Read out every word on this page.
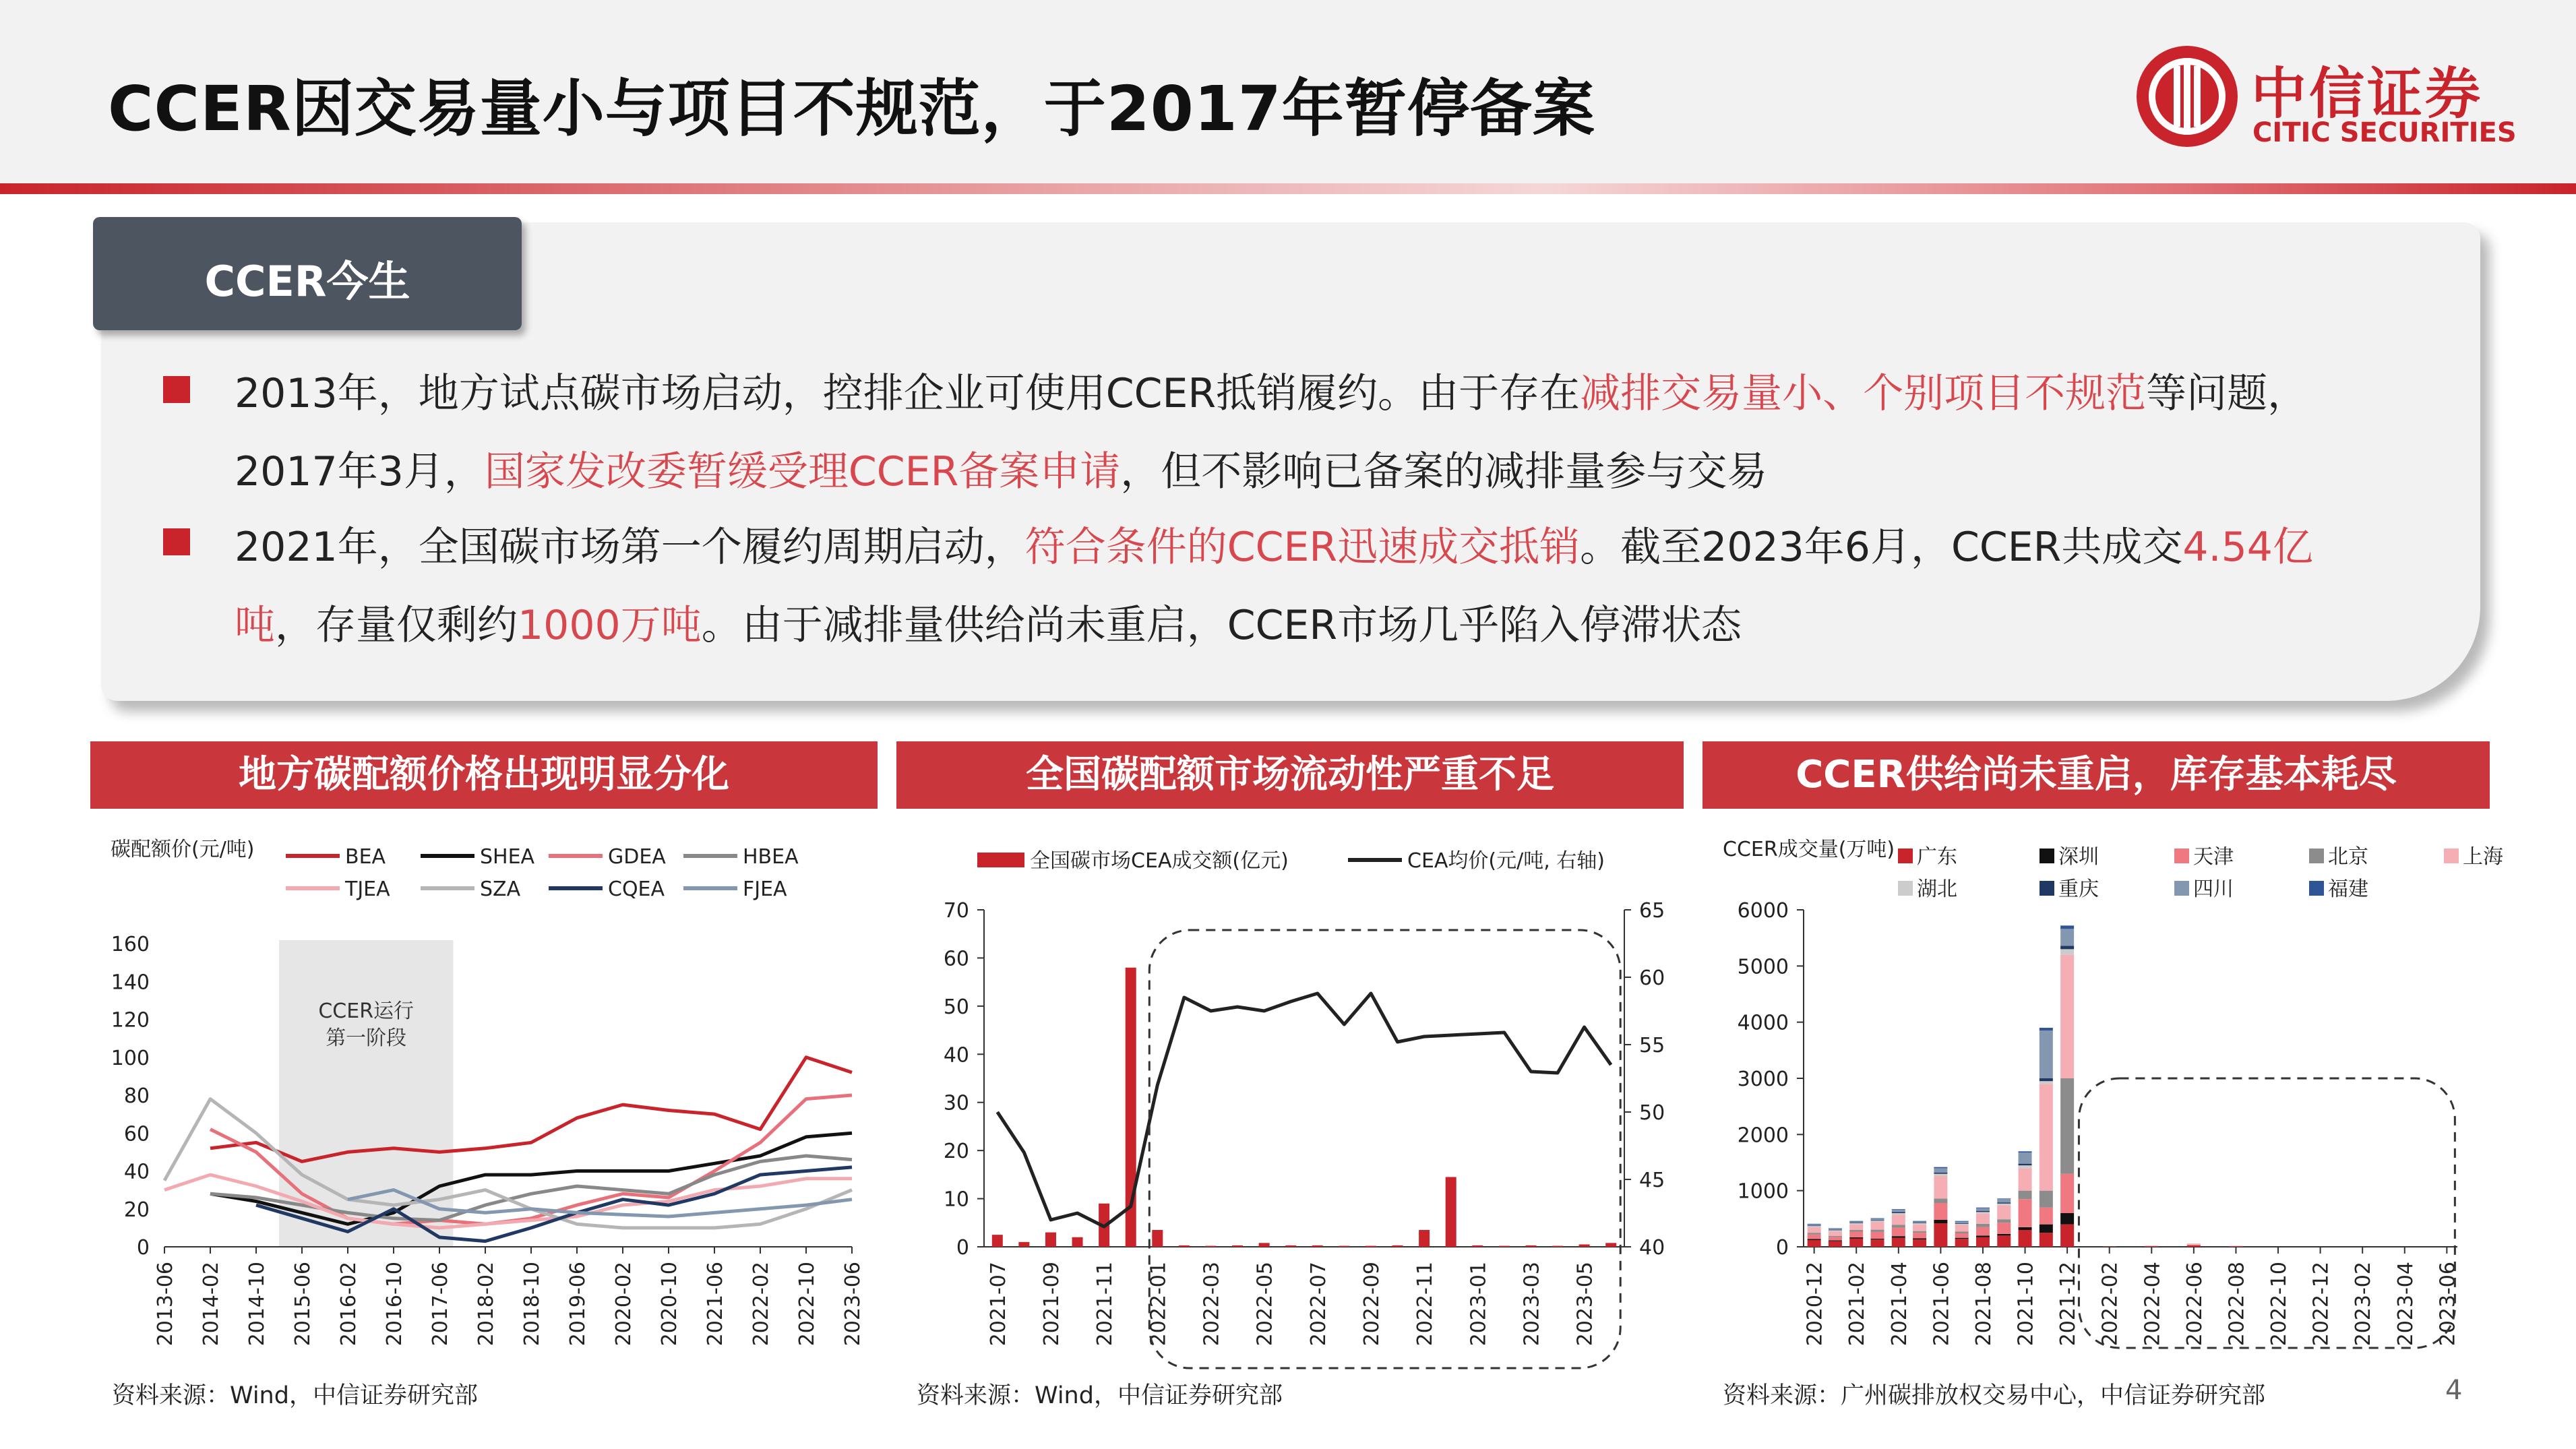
CCER因交易量小与项目不规范，于2017年暂停备案	中信证券
CITIC SECURITIES
CCER今生
2013年，地方试点碳市场启动，控排企业可使用CCER抵销履约。由于存在减排交易量小、个别项目不规范等问题，
2017年3月，国家发改委暂缓受理CCER备案申请，但不影响已备案的减排量参与交易
2021年，全国碳市场第一个履约周期启动，符合条件的CCER迅速成交抵销。截至2023年6月，CCER共成交4.54亿
吨，存量仅剩约1000万吨。由于减排量供给尚未重启，CCER市场几乎陷入停滞状态
地方碳配额价格出现明显分化	全国碳配额市场流动性严重不足	CCER供给尚未重启，库存基本耗尽
碳配额价(元/吨)	BEA	SHEA	GDEA	HBEA
TJEA	SZA	CQEA	FJEA
CCER运行
第一阶段
0
20
40
60
80
100
120
140
160
2013-06 2014-02 2014-10 2015-06 2016-02 2016-10 2017-06 2018-02 2018-10 2019-06 2020-02 2020-10 2021-06 2022-02 2022-10 2023-06
全国碳市场CEA成交额(亿元)	CEA均价(元/吨, 右轴)
0
10
20
30
40
50
60
70
40
45
50
55
60
65
2021-07 2021-09 2021-11 2022-01 2022-03 2022-05 2022-07 2022-09 2022-11 2023-01 2023-03 2023-05
CCER成交量(万吨) 广东	深圳	天津	北京	上海
湖北	重庆	四川	福建
0
1000
2000
3000
4000
5000
6000
2020-12 2021-02 2021-04 2021-06 2021-08 2021-10 2021-12 2022-02 2022-04 2022-06 2022-08 2022-10 2022-12 2023-02 2023-04 2023-06
资料来源：Wind，中信证券研究部	资料来源：Wind，中信证券研究部	资料来源：广州碳排放权交易中心，中信证券研究部	4
